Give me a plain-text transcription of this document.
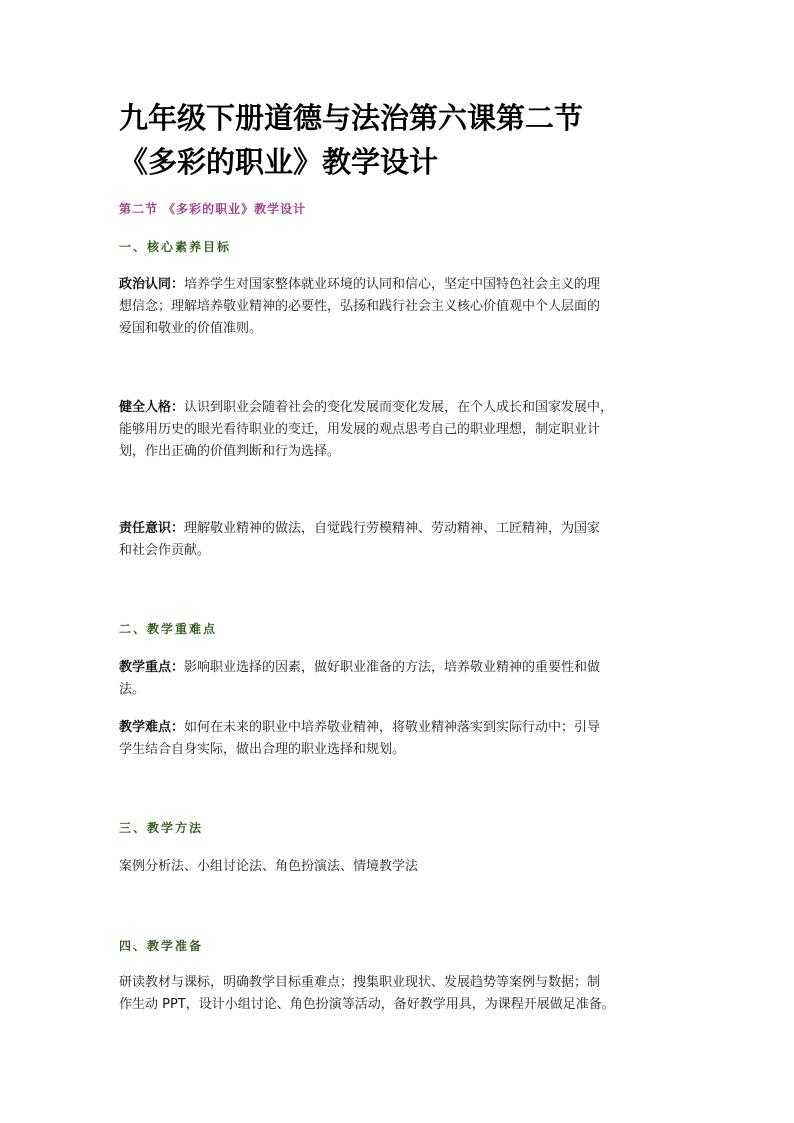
九年级下册道德与法治第六课第二节
《多彩的职业》教学设计

第二节 《多彩的职业》教学设计

一、核心素养目标

政治认同：培养学生对国家整体就业环境的认同和信心，坚定中国特色社会主义的理
想信念；理解培养敬业精神的必要性，弘扬和践行社会主义核心价值观中个人层面的
爱国和敬业的价值准则。

健全人格：认识到职业会随着社会的变化发展而变化发展，在个人成长和国家发展中，
能够用历史的眼光看待职业的变迁，用发展的观点思考自己的职业理想，制定职业计
划，作出正确的价值判断和行为选择。

责任意识：理解敬业精神的做法，自觉践行劳模精神、劳动精神、工匠精神，为国家
和社会作贡献。

二、教学重难点

教学重点：影响职业选择的因素，做好职业准备的方法，培养敬业精神的重要性和做
法。

教学难点：如何在未来的职业中培养敬业精神，将敬业精神落实到实际行动中；引导
学生结合自身实际，做出合理的职业选择和规划。

三、教学方法

案例分析法、小组讨论法、角色扮演法、情境教学法

四、教学准备

研读教材与课标，明确教学目标重难点；搜集职业现状、发展趋势等案例与数据；制
作生动 PPT，设计小组讨论、角色扮演等活动，备好教学用具，为课程开展做足准备。
